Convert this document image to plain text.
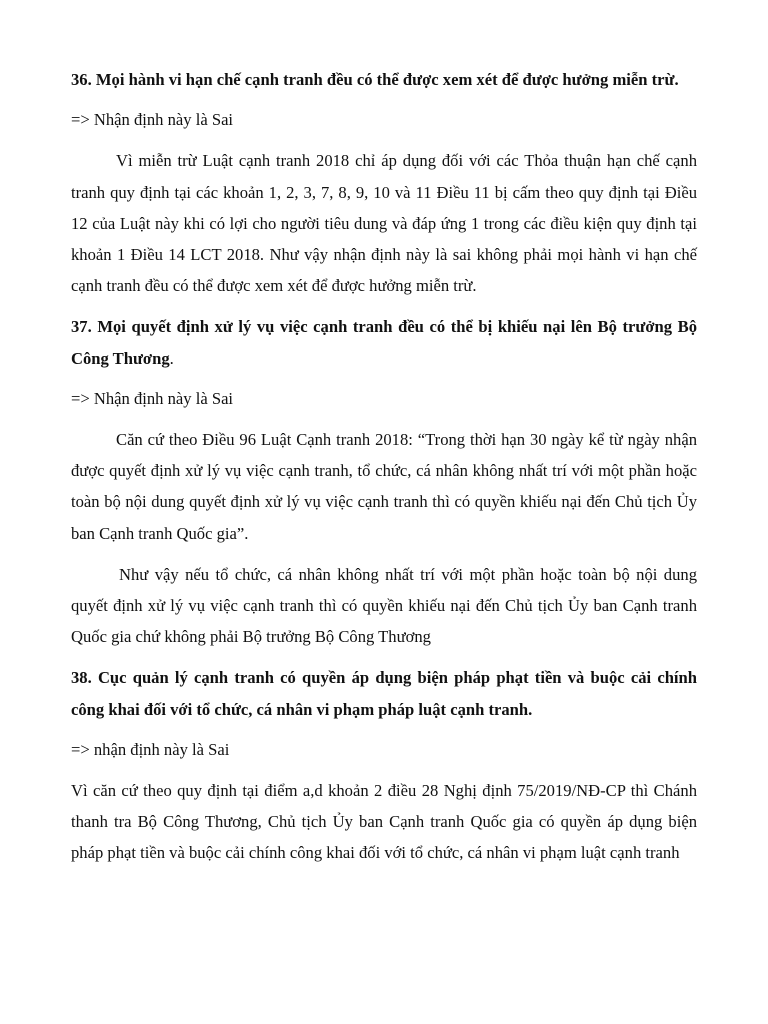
36. Mọi hành vi hạn chế cạnh tranh đều có thể được xem xét để được hưởng miễn trừ.

=> Nhận định này là Sai

Vì miễn trừ Luật cạnh tranh 2018 chỉ áp dụng đối với các Thỏa thuận hạn chế cạnh tranh quy định tại các khoản 1, 2, 3, 7, 8, 9, 10 và 11 Điều 11 bị cấm theo quy định tại Điều 12 của Luật này khi có lợi cho người tiêu dung và đáp ứng 1 trong các điều kiện quy định tại khoản 1 Điều 14 LCT 2018. Như vậy nhận định này là sai không phải mọi hành vi hạn chế cạnh tranh đều có thể được xem xét để được hưởng miễn trừ.

37. Mọi quyết định xử lý vụ việc cạnh tranh đều có thể bị khiếu nại lên Bộ trưởng Bộ Công Thương.

=> Nhận định này là Sai

Căn cứ theo Điều 96 Luật Cạnh tranh 2018: “Trong thời hạn 30 ngày kể từ ngày nhận được quyết định xử lý vụ việc cạnh tranh, tổ chức, cá nhân không nhất trí với một phần hoặc toàn bộ nội dung quyết định xử lý vụ việc cạnh tranh thì có quyền khiếu nại đến Chủ tịch Ủy ban Cạnh tranh Quốc gia”.

Như vậy nếu tổ chức, cá nhân không nhất trí với một phần hoặc toàn bộ nội dung quyết định xử lý vụ việc cạnh tranh thì có quyền khiếu nại đến Chủ tịch Ủy ban Cạnh tranh Quốc gia chứ không phải Bộ trưởng Bộ Công Thương

38. Cục quản lý cạnh tranh có quyền áp dụng biện pháp phạt tiền và buộc cải chính công khai đối với tổ chức, cá nhân vi phạm pháp luật cạnh tranh.

=> nhận định này là Sai

Vì căn cứ theo quy định tại điểm a,d khoản 2 điều 28 Nghị định 75/2019/NĐ-CP thì Chánh thanh tra Bộ Công Thương, Chủ tịch Ủy ban Cạnh tranh Quốc gia có quyền áp dụng biện pháp phạt tiền và buộc cải chính công khai đối với tổ chức, cá nhân vi phạm luật cạnh tranh
